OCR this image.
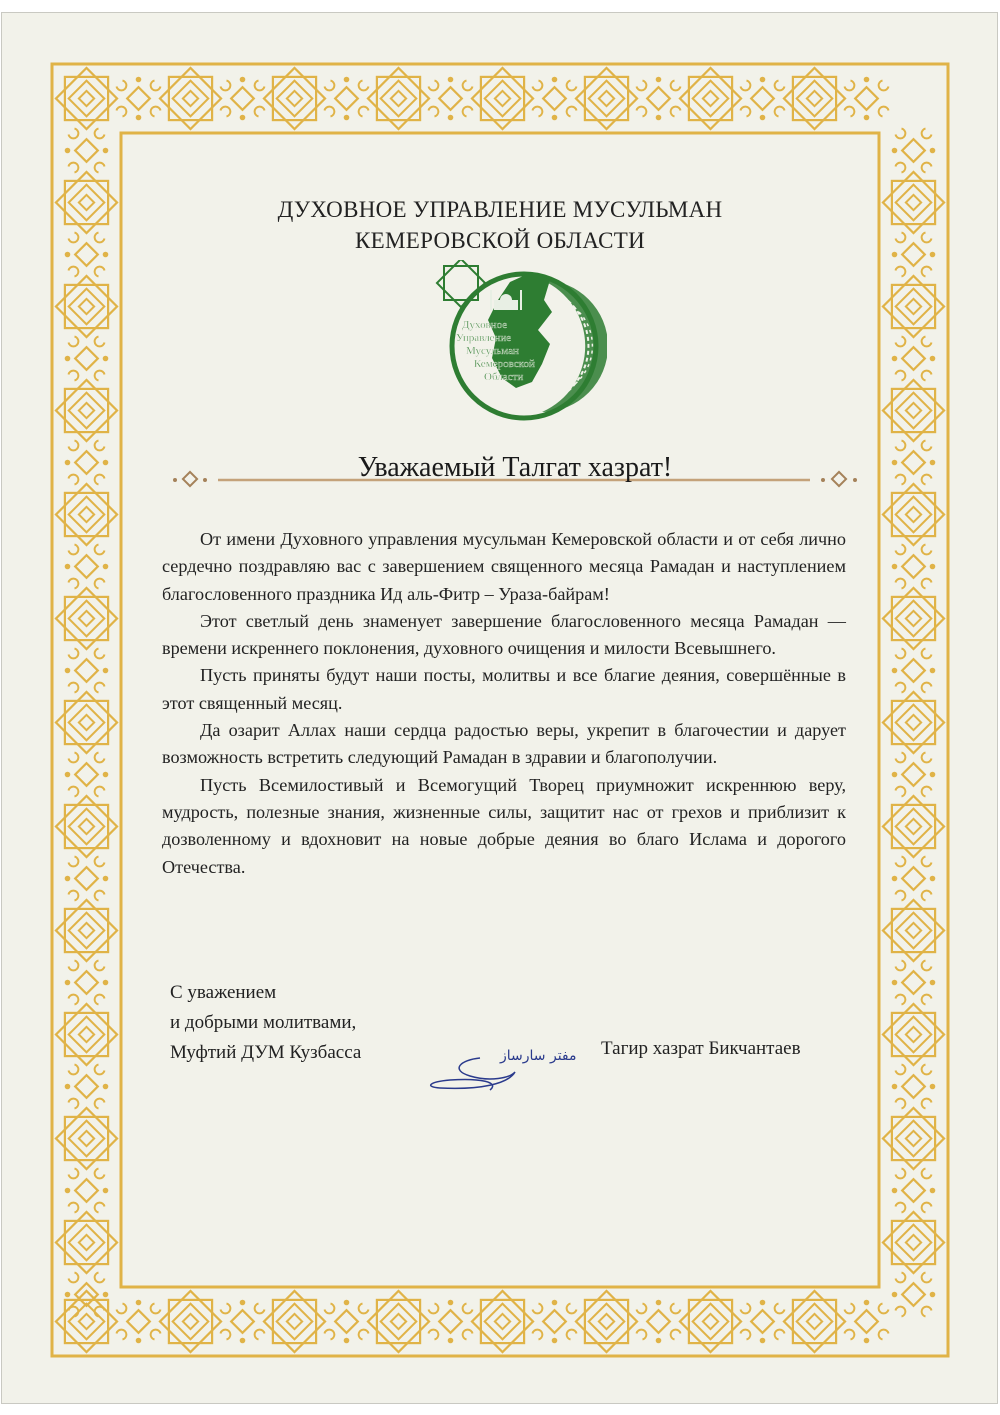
ДУХОВНОЕ УПРАВЛЕНИЕ МУСУЛЬМАН
КЕМЕРОВСКОЙ ОБЛАСТИ
Духовное
Управление
Мусульман
Кемеровской
Области
Уважаемый Талгат хазрат!

От имени Духовного управления мусульман Кемеровской области и от себя лично сердечно поздравляю вас с завершением священного месяца Рамадан и наступлением благословенного праздника Ид аль-Фитр – Ураза-байрам!

Этот светлый день знаменует завершение благословенного месяца Рамадан — времени искреннего поклонения, духовного очищения и милости Всевышнего.

Пусть приняты будут наши посты, молитвы и все благие деяния, совершённые в этот священный месяц.

Да озарит Аллах наши сердца радостью веры, укрепит в благочестии и дарует возможность встретить следующий Рамадан в здравии и благополучии.

Пусть Всемилостивый и Всемогущий Творец приумножит искреннюю веру, мудрость, полезные знания, жизненные силы, защитит нас от грехов и приблизит к дозволенному и вдохновит на новые добрые деяния во благо Ислама и дорогого Отечества.

С уважением
и добрыми молитвами,
Муфтий ДУМ Кузбасса	مفتر سارساز Тагир хазрат Бикчантаев
